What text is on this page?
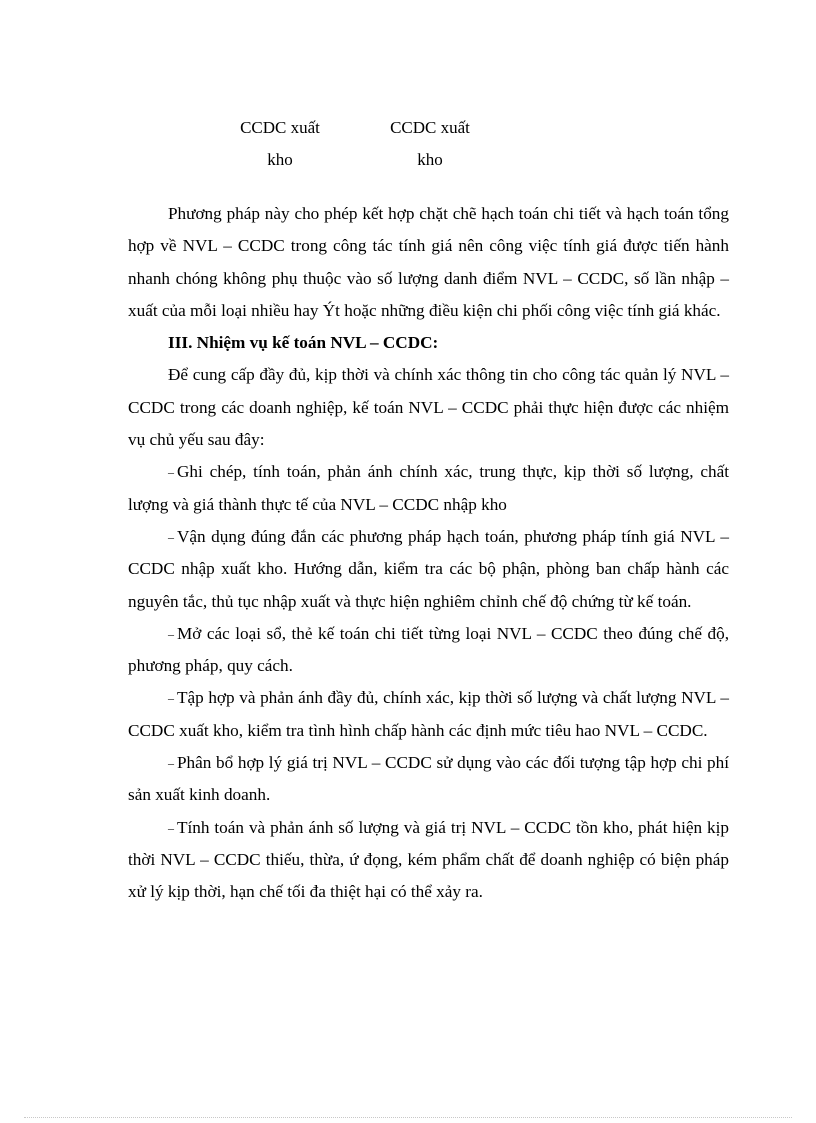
CCDC xuất
kho
CCDC xuất
kho

Phương pháp này cho phép kết hợp chặt chẽ hạch toán chi tiết và hạch toán tổng hợp về NVL – CCDC trong công tác tính giá nên công việc tính giá được tiến hành nhanh chóng không phụ thuộc vào số lượng danh điểm NVL – CCDC, số lần nhập – xuất của mỗi loại nhiều hay Ýt hoặc những điều kiện chi phối công việc tính giá khác.

III. Nhiệm vụ kế toán NVL – CCDC:

Để cung cấp đầy đủ, kịp thời và chính xác thông tin cho công tác quản lý NVL – CCDC trong các doanh nghiệp, kế toán NVL – CCDC phải thực hiện được các nhiệm vụ chủ yếu sau đây:

– Ghi chép, tính toán, phản ánh chính xác, trung thực, kịp thời số lượng, chất lượng và giá thành thực tế của NVL – CCDC nhập kho

– Vận dụng đúng đắn các phương pháp hạch toán, phương pháp tính giá NVL – CCDC nhập xuất kho. Hướng dẫn, kiểm tra các bộ phận, phòng ban chấp hành các nguyên tắc, thủ tục nhập xuất và thực hiện nghiêm chỉnh chế độ chứng từ kế toán.

– Mở các loại sổ, thẻ kế toán chi tiết từng loại NVL – CCDC theo đúng chế độ, phương pháp, quy cách.

– Tập hợp và phản ánh đầy đủ, chính xác, kịp thời số lượng và chất lượng NVL – CCDC xuất kho, kiểm tra tình hình chấp hành các định mức tiêu hao NVL – CCDC.

– Phân bổ hợp lý giá trị NVL – CCDC sử dụng vào các đối tượng tập hợp chi phí sản xuất kinh doanh.

– Tính toán và phản ánh số lượng và giá trị NVL – CCDC tồn kho, phát hiện kịp thời NVL – CCDC thiếu, thừa, ứ đọng, kém phẩm chất để doanh nghiệp có biện pháp xử lý kịp thời, hạn chế tối đa thiệt hại có thể xảy ra.
